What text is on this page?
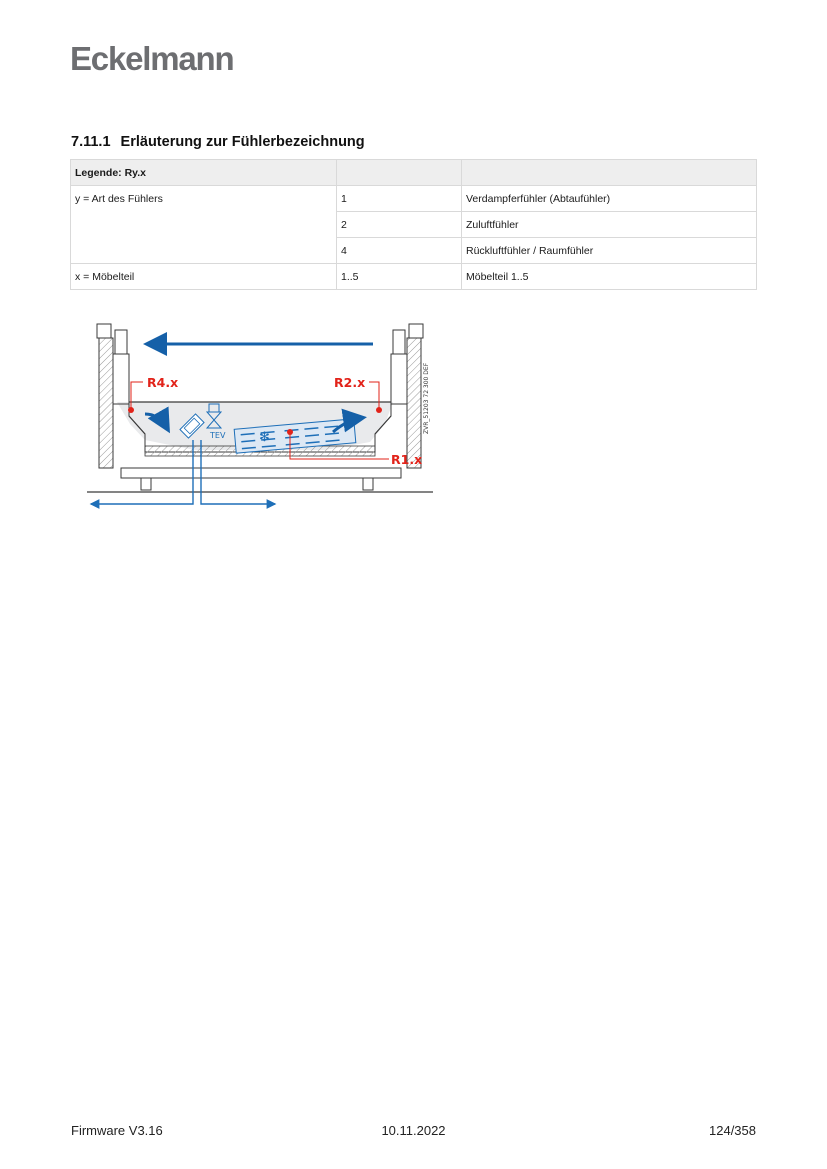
Eckelmann
7.11.1 Erläuterung zur Fühlerbezeichnung
Legende: Ry.x		
y = Art des Fühlers	1	Verdampferfühler (Abtaufühler)
	2	Zuluftfühler
	4	Rückluftfühler / Raumfühler
x = Möbelteil	1..5	Möbelteil 1..5
✻
TEV
R4.x	R2.x
R1.x
ZVR_51203 72 300 DEF
Firmware V3.16	10.11.2022	124/358
